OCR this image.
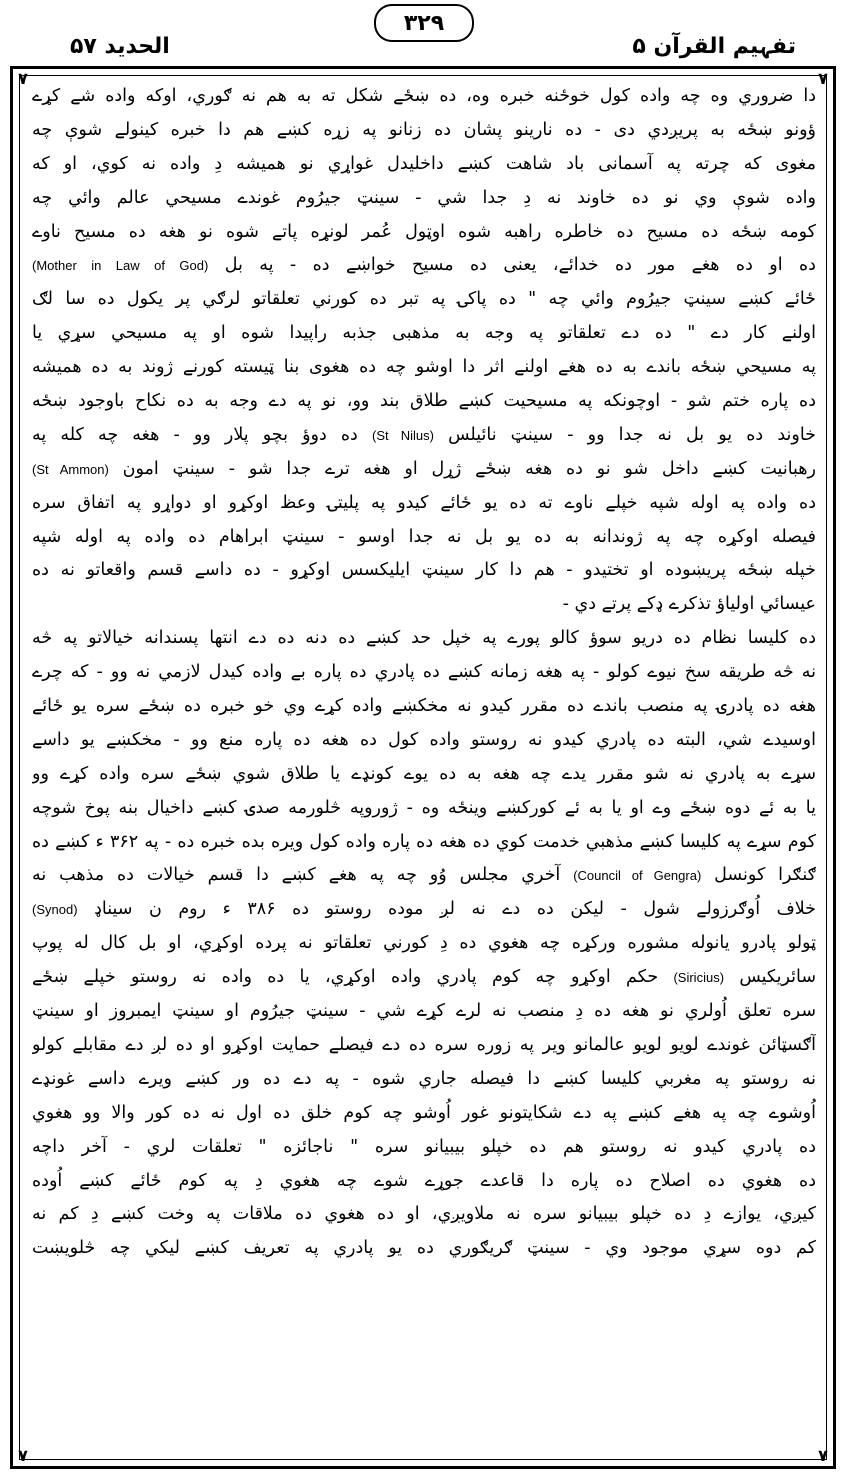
تفہیم القرآن ۵
۳۲۹
الحدید ۵۷
۷	۷
۷	۷
دا ضروري وه چه واده کول خوځنه خبره وه، ده ښځے شکل ته به هم نه ګوري، اوکه واده شے کړے
ؤونو ښځه به پریږدي دی - ده نارینو پشان ده زنانو په زړه کښے هم دا خبره کینولے شوې چه
مغوی که چرته په آسمانی باد شاهت کښے داخلیدل غواړي نو همیشه دِ واده نه کوي، او که
واده شوې وي نو ده خاوند نه دِ جدا شي - سینټ جیرُوم غوندے مسیحي عالم وائي چه
کومه ښځه ده مسیح ده خاطره راهبه شوه اوټول عُمر لونړه پاتے شوه نو هغه ده مسیح ناوے
ده او ده هغے مور ده خدائے، یعنی ده مسیح خواښے ده - په بل (Mother in Law of God)
ځائے کښے سینټ جیرُوم وائي چه " ده پاکۍ په تبر ده کورني تعلقاتو لرګي پر یکول ده سا لګ
اولنے کار دے " ده دے تعلقاتو په وجه به مذهبی جذبه راپیدا شوه او په مسیحي سړي یا
په مسیحي ښځه باندے به ده هغے اولنے اثر دا اوشو چه ده هغوی بنا ټیسته کورنے ژوند به ده همیشه
ده پاره ختم شو - اوچونکه په مسیحیت کښے طلاق بند وو، نو په دے وجه به ده نکاح باوجود ښځه
خاوند ده یو بل نه جدا وو - سینټ نائیلس (St Nilus) ده دوؤ بچو پلار وو - هغه چه کله په
رهبانیت کښے داخل شو نو ده هغه ښځے ژړل او هغه ترے جدا شو - سینټ امون (St Ammon)
ده واده په اوله شپه خپلے ناوے ته ده یو ځائے کیدو په پلیتۍ وعظ اوکړو او دواړو په اتفاق سره
فیصله اوکړه چه په ژوندانه به ده یو بل نه جدا اوسو - سینټ ابراهام ده واده په اوله شپه
خپله ښځه پریښوده او تختیدو - هم دا کار سینټ ایلیکسس اوکړو - ده داسے قسم واقعاتو نه ده
عیسائي اولیاؤ تذکرے ډکے پرتے دي -
ده کلیسا نظام ده دریو سوؤ کالو پورے په خپل حد کښے ده دنه ده دے انتها پسندانه خیالاتو په څه
نه څه طریقه سخ نیوے کولو - په هغه زمانه کښے ده پادري ده پاره بے واده کیدل لازمي نه وو - که چرے
هغه ده پادرۍ په منصب باندے ده مقرر کیدو نه مخکښے واده کړے وي خو خبره ده ښځے سره یو ځائے
اوسیدے شي، البته ده پادري کیدو نه روستو واده کول ده هغه ده پاره منع وو - مخکښے یو داسے
سړے به پادري نه شو مقرر یدے چه هغه به ده یوے کونډے یا طلاق شوي ښځے سره واده کړے وو
یا به ئے دوه ښځے وے او یا به ئے کورکښے وینځه وه - ژوروپه څلورمه صدۍ کښے داخیال بنه پوخ شوچه
کوم سړے په کلیسا کښے مذهبي خدمت کوي ده هغه ده پاره واده کول ویره بده خبره ده - په ۳۶۲ ء کښے ده
ګنګرا کونسل (Council of Gengra) آخري مجلس وُو چه په هغے کښے دا قسم خیالات ده مذهب نه
خلاف اُوګرزولے شول - لیکن ده دے نه لږ موده روستو ده ۳۸۶ ء روم ن سیناډ (Synod)
ټولو پادرو یانوله مشوره ورکړه چه هغوي ده دِ کورني تعلقاتو نه پرده اوکړي، او بل کال له پوپ
سائریکیس (Siricius) حکم اوکړو چه کوم پادري واده اوکړي، یا ده واده نه روستو خپلے ښځے
سره تعلق اُولري نو هغه ده دِ منصب نه لرے کړے شي - سینټ جیرُوم او سینټ ایمبروز او سینټ
آګسټائن غوندے لویو لویو عالمانو ویر په زوره سره ده دے فیصلے حمایت اوکړو او ده لږ دے مقابلے کولو
نه روستو په مغربي کلیسا کښے دا فیصله جاري شوه - په دے ده ور کښے ویرے داسے غونډے
اُوشوے چه په هغے کښے په دے شکایتونو غور اُوشو چه کوم خلق ده اول نه ده کور والا وو هغوي
ده پادري کیدو نه روستو هم ده خپلو بیبیانو سره " ناجائزه " تعلقات لري - آخر داچه
ده هغوي ده اصلاح ده پاره دا قاعدے جوړے شوے چه هغوي دِ په کوم ځائے کښے اُوده
کیږي، یوازے دِ ده خپلو بیبیانو سره نه ملاویږي، او ده هغوي ده ملاقات په وخت کښے دِ کم نه
کم دوه سړي موجود وي - سینټ ګریګوري ده یو پادري په تعریف کښے لیکي چه څلویښت
